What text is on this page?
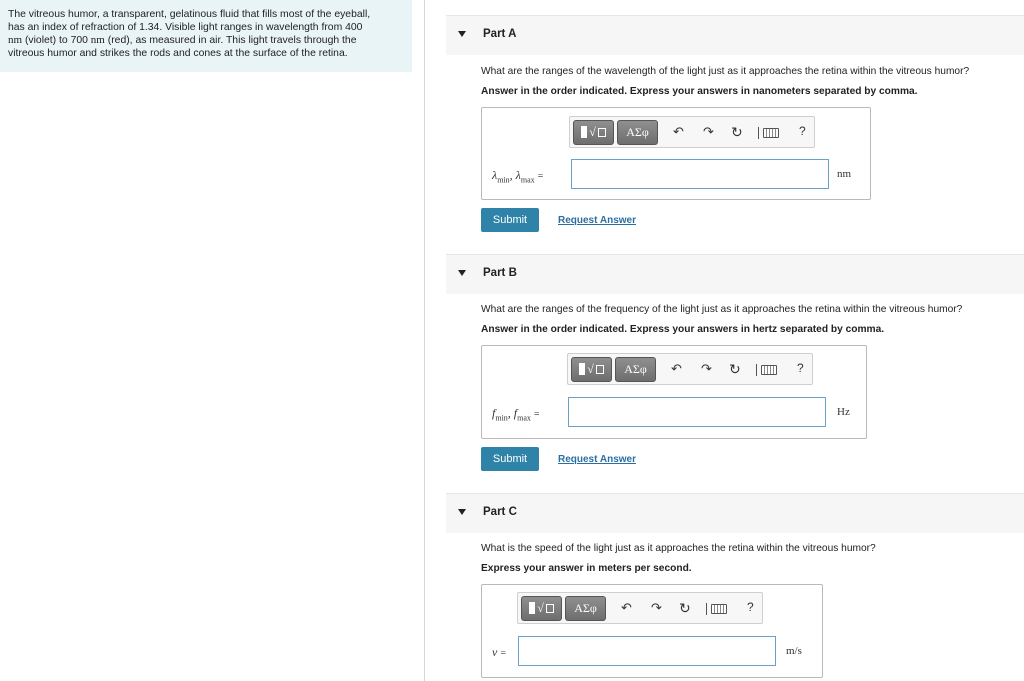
The vitreous humor, a transparent, gelatinous fluid that fills most of the eyeball,
has an index of refraction of 1.34. Visible light ranges in wavelength from 400
nm (violet) to 700 nm (red), as measured in air. This light travels through the
vitreous humor and strikes the rods and cones at the surface of the retina.
Part A
What are the ranges of the wavelength of the light just as it approaches the retina within the vitreous humor?
Answer in the order indicated. Express your answers in nanometers separated by comma.
√	ΑΣφ	↶ ↷ ↻	?
$\lambda_{min}$, $\lambda_{max}$ =	nm
Submit	Request Answer
Part B
What are the ranges of the frequency of the light just as it approaches the retina within the vitreous humor?
Answer in the order indicated. Express your answers in hertz separated by comma.
√	ΑΣφ	↶ ↷ ↻	?
$f_{min}$, $f_{max}$ =	Hz
Submit	Request Answer
Part C
What is the speed of the light just as it approaches the retina within the vitreous humor?
Express your answer in meters per second.
√	ΑΣφ	↶ ↷ ↻	?
v =	m/s
